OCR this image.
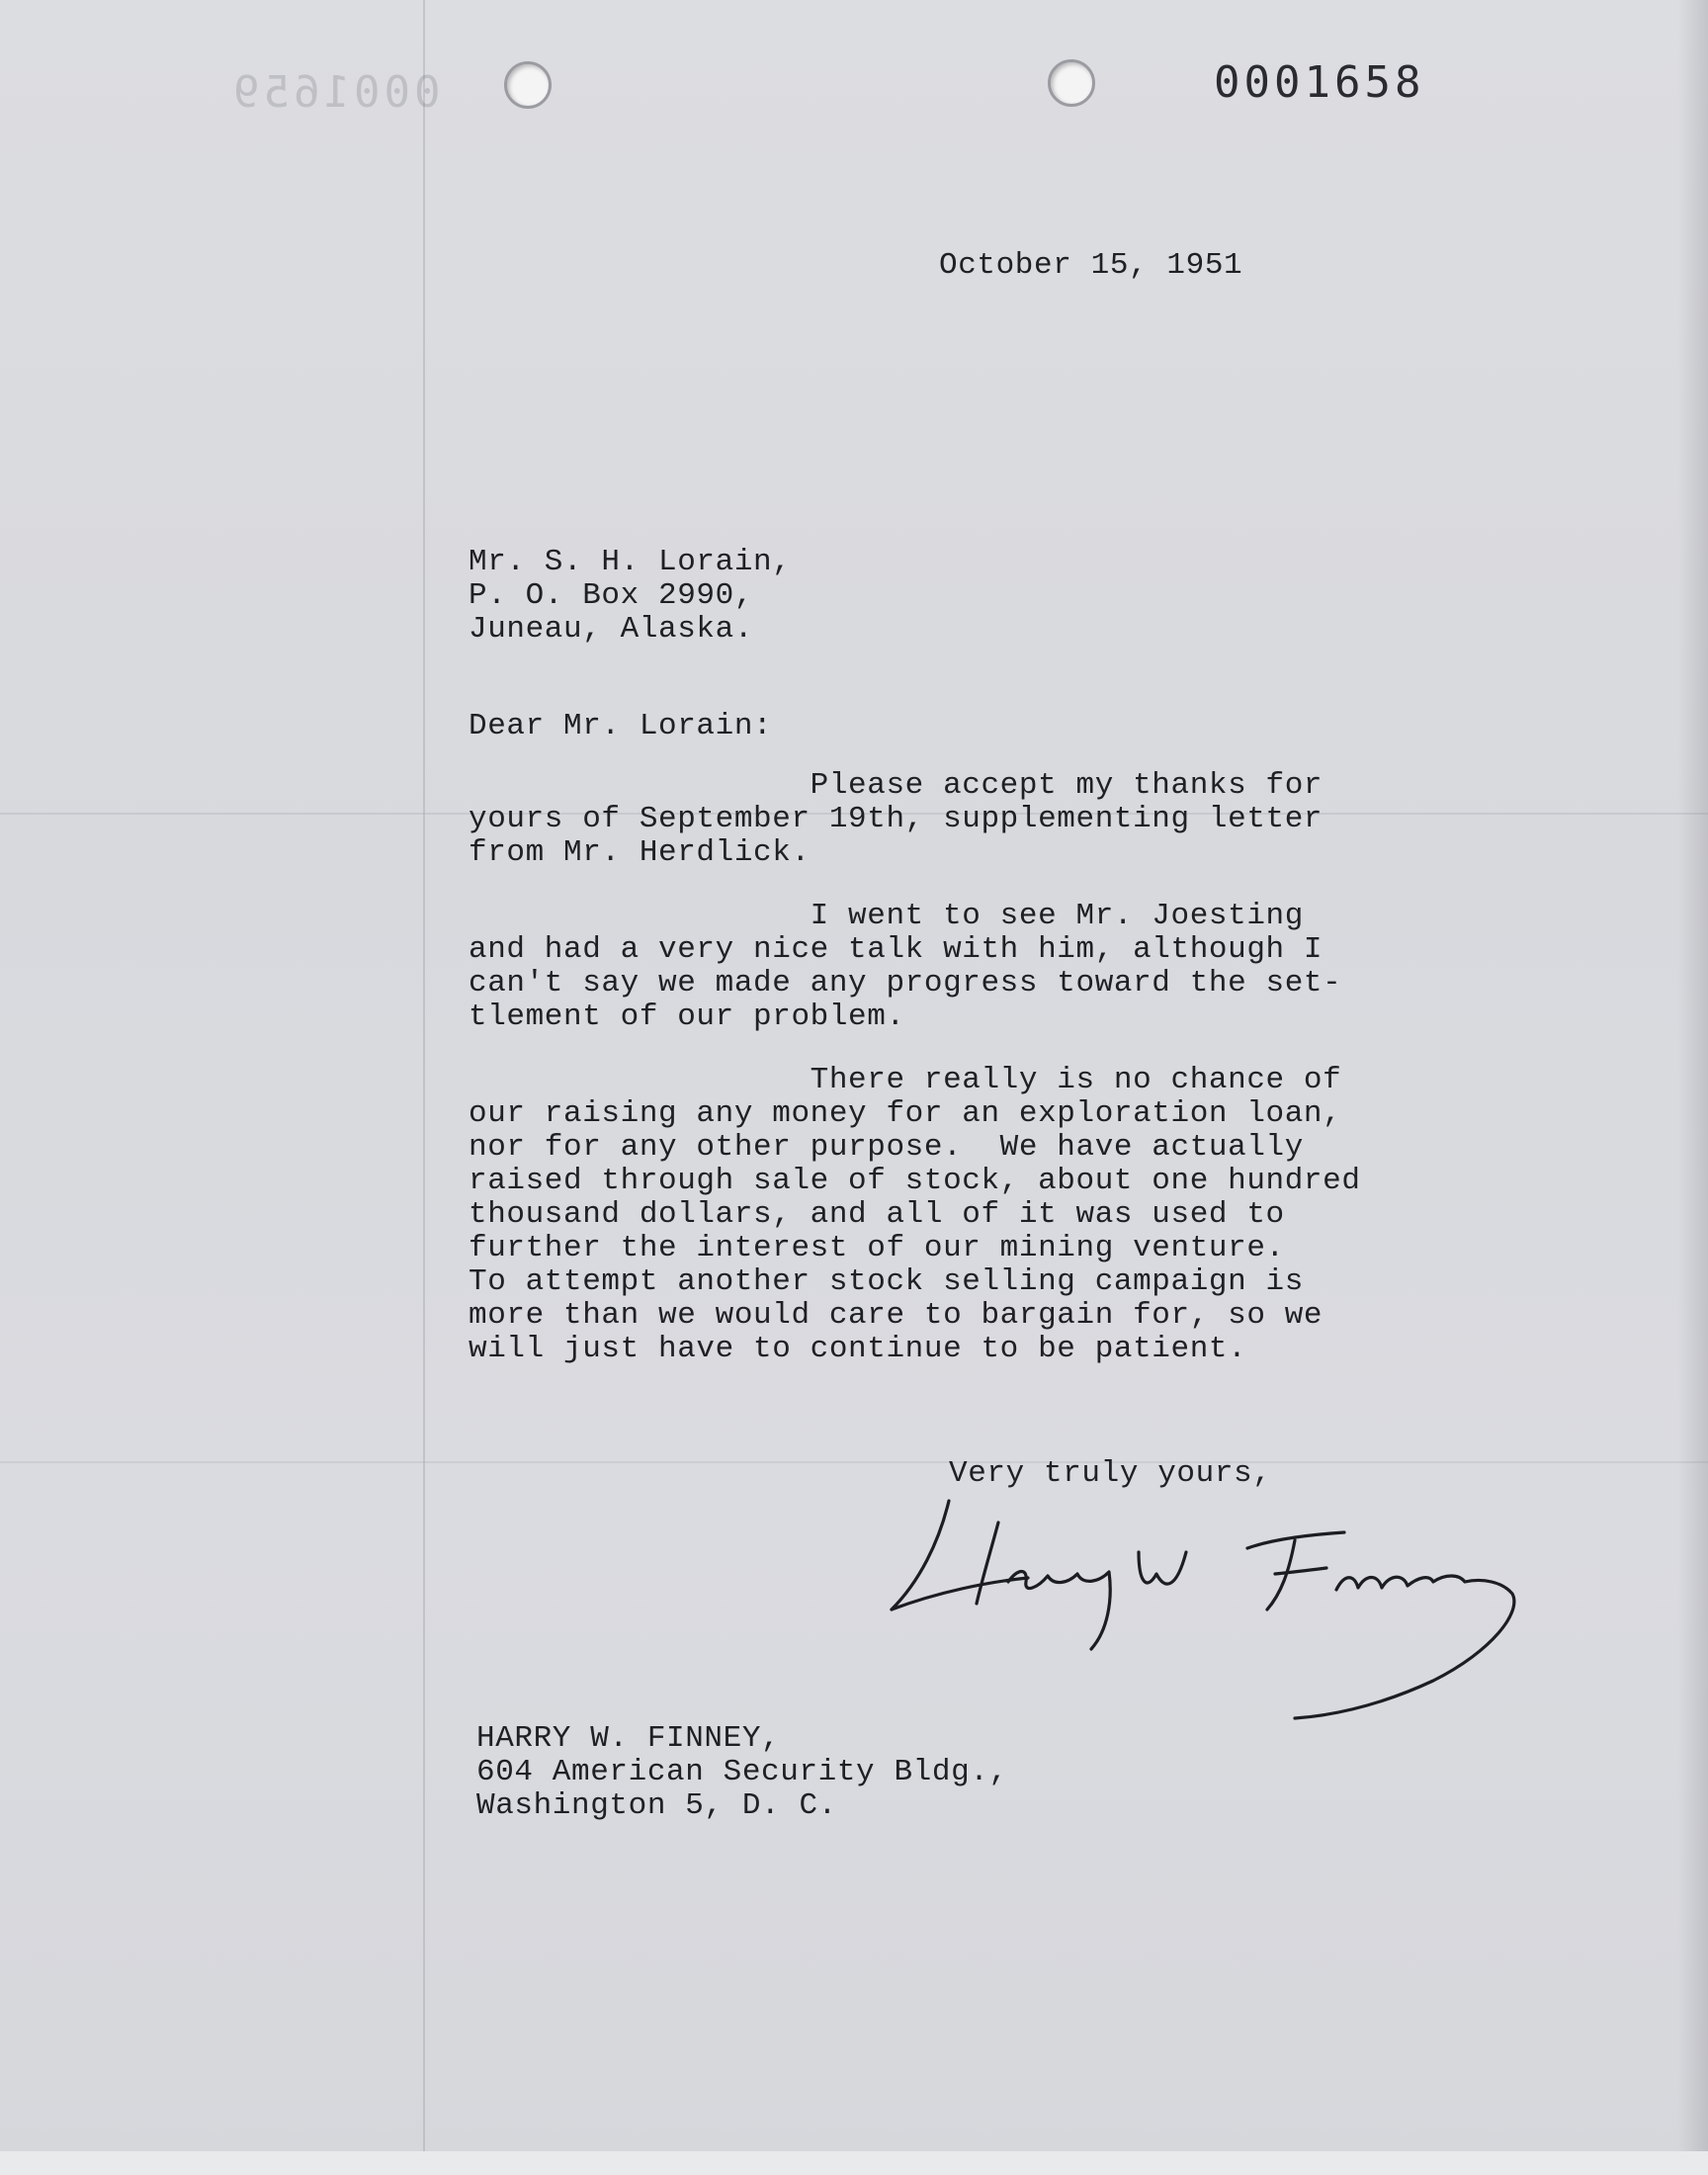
0001659	0001658
October 15, 1951
Mr. S. H. Lorain,
P. O. Box 2990,
Juneau, Alaska.
Dear Mr. Lorain:
Please accept my thanks for
yours of September 19th, supplementing letter
from Mr. Herdlick.
I went to see Mr. Joesting
and had a very nice talk with him, although I
can't say we made any progress toward the set-
tlement of our problem.
There really is no chance of
our raising any money for an exploration loan,
nor for any other purpose.  We have actually
raised through sale of stock, about one hundred
thousand dollars, and all of it was used to
further the interest of our mining venture.
To attempt another stock selling campaign is
more than we would care to bargain for, so we
will just have to continue to be patient.
Very truly yours,
HARRY W. FINNEY,
604 American Security Bldg.,
Washington 5, D. C.
